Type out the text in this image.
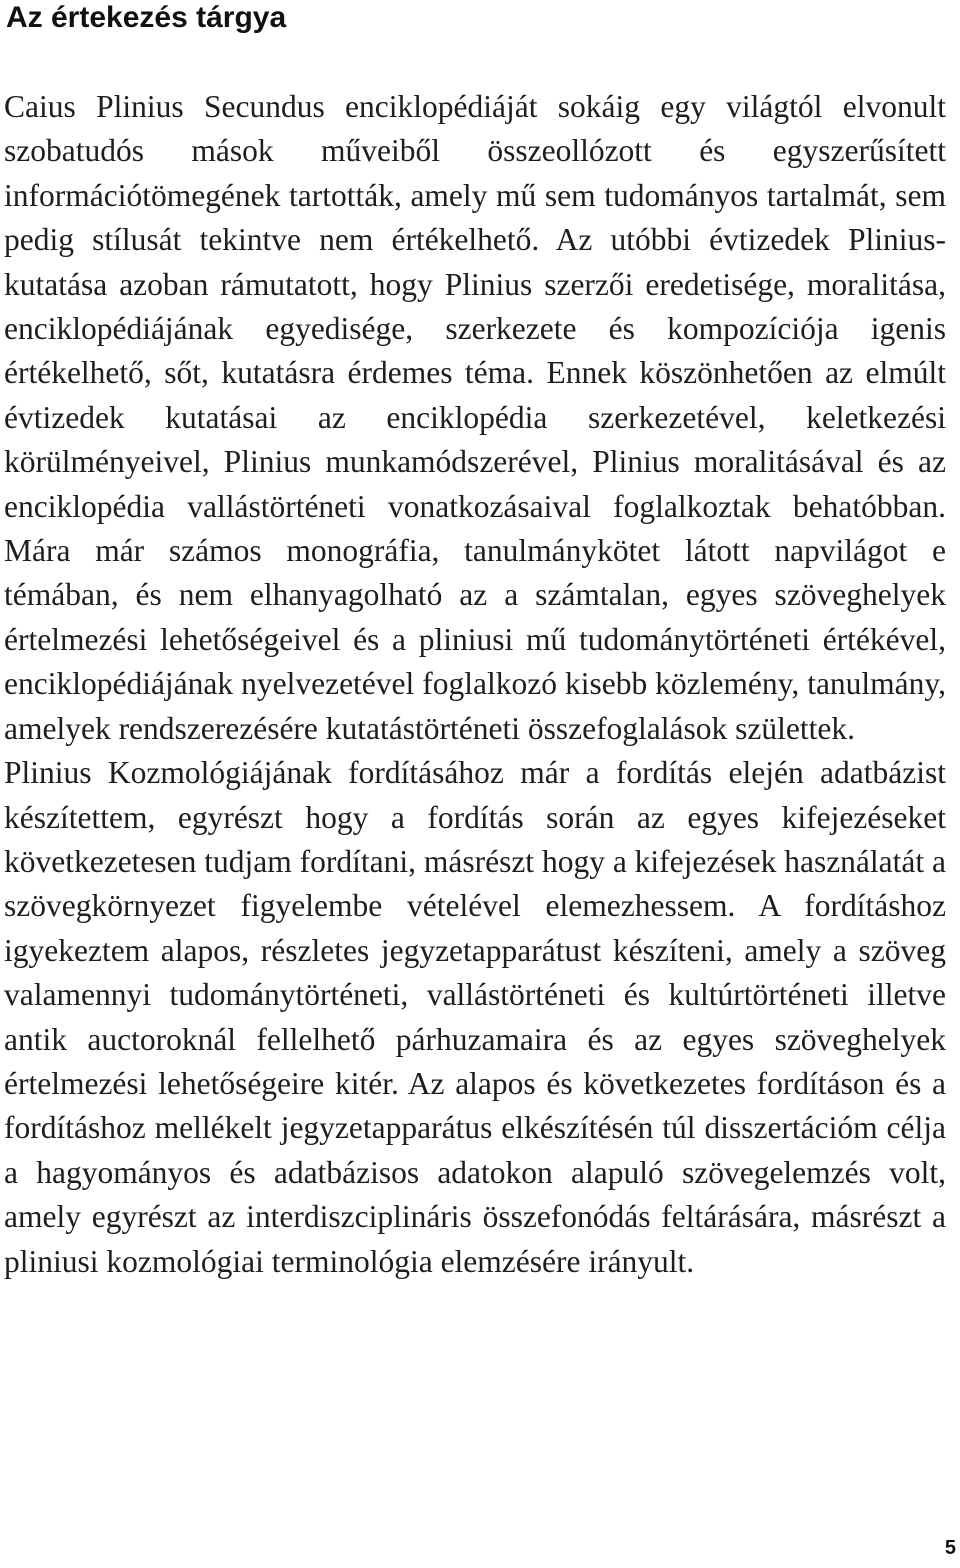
Az értekezés tárgya

Caius Plinius Secundus enciklopédiáját sokáig egy világtól elvonult szobatudós mások műveiből összeollózott és egyszerűsített információtömegének tartották, amely mű sem tudományos tartalmát, sem pedig stílusát tekintve nem értékelhető. Az utóbbi évtizedek Plinius-kutatása azoban rámutatott, hogy Plinius szerzői eredetisége, moralitása, enciklopédiájának egyedisége, szerkezete és kompozíciója igenis értékelhető, sőt, kutatásra érdemes téma. Ennek köszönhetően az elmúlt évtizedek kutatásai az enciklopédia szerkezetével, keletkezési körülményeivel, Plinius munkamódszerével, Plinius moralitásával és az enciklopédia vallástörténeti vonatkozásaival foglalkoztak behatóbban. Mára már számos monográfia, tanulmánykötet látott napvilágot e témában, és nem elhanyagolható az a számtalan, egyes szöveghelyek értelmezési lehetőségeivel és a pliniusi mű tudománytörténeti értékével, enciklopédiájának nyelvezetével foglalkozó kisebb közlemény, tanulmány, amelyek rendszerezésére kutatástörténeti összefoglalások születtek.

Plinius Kozmológiájának fordításához már a fordítás elején adatbázist készítettem, egyrészt hogy a fordítás során az egyes kifejezéseket következetesen tudjam fordítani, másrészt hogy a kifejezések használatát a szövegkörnyezet figyelembe vételével elemezhessem. A fordításhoz igyekeztem alapos, részletes jegyzetapparátust készíteni, amely a szöveg valamennyi tudománytörténeti, vallástörténeti és kultúrtörténeti illetve antik auctoroknál fellelhető párhuzamaira és az egyes szöveghelyek értelmezési lehetőségeire kitér. Az alapos és következetes fordításon és a fordításhoz mellékelt jegyzetapparátus elkészítésén túl disszertációm célja a hagyományos és adatbázisos adatokon alapuló szövegelemzés volt, amely egyrészt az interdiszciplináris összefonódás feltárására, másrészt a pliniusi kozmológiai terminológia elemzésére irányult.

5
